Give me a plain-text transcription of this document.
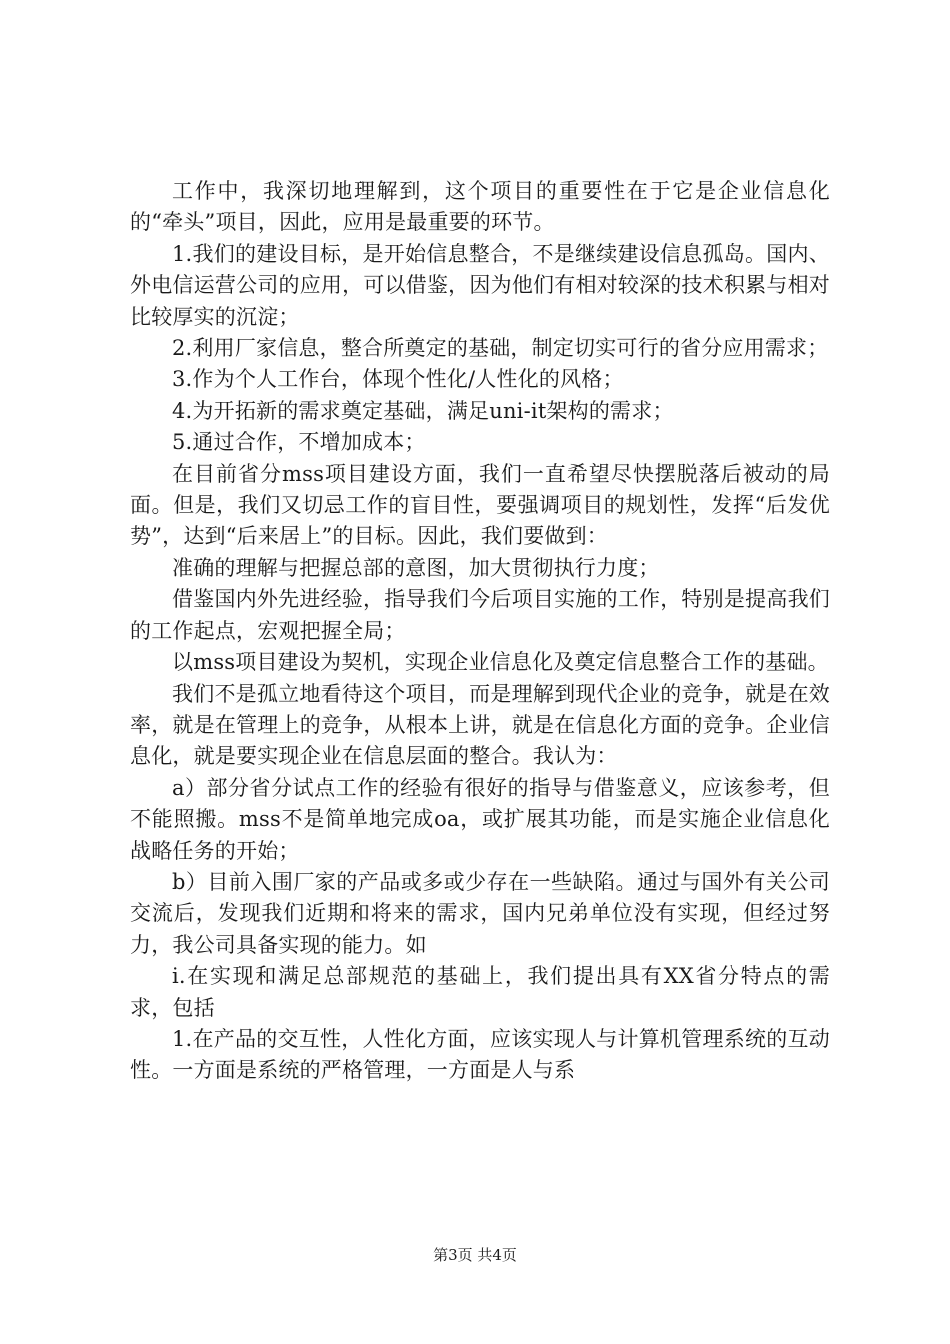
工作中，我深切地理解到，这个项目的重要性在于它是企业信息化的“牵头”项目，因此，应用是最重要的环节。

1.我们的建设目标，是开始信息整合，不是继续建设信息孤岛。国内、外电信运营公司的应用，可以借鉴，因为他们有相对较深的技术积累与相对比较厚实的沉淀；

2.利用厂家信息，整合所奠定的基础，制定切实可行的省分应用需求；

3.作为个人工作台，体现个性化/人性化的风格；

4.为开拓新的需求奠定基础，满足uni-it架构的需求；

5.通过合作，不增加成本；

在目前省分mss项目建设方面，我们一直希望尽快摆脱落后被动的局面。但是，我们又切忌工作的盲目性，要强调项目的规划性，发挥“后发优势”，达到“后来居上”的目标。因此，我们要做到：

准确的理解与把握总部的意图，加大贯彻执行力度；

借鉴国内外先进经验，指导我们今后项目实施的工作，特别是提高我们的工作起点，宏观把握全局；

以mss项目建设为契机，实现企业信息化及奠定信息整合工作的基础。

我们不是孤立地看待这个项目，而是理解到现代企业的竞争，就是在效率，就是在管理上的竞争，从根本上讲，就是在信息化方面的竞争。企业信息化，就是要实现企业在信息层面的整合。我认为：

a）部分省分试点工作的经验有很好的指导与借鉴意义，应该参考，但不能照搬。mss不是简单地完成oa，或扩展其功能，而是实施企业信息化战略任务的开始；

b）目前入围厂家的产品或多或少存在一些缺陷。通过与国外有关公司交流后，发现我们近期和将来的需求，国内兄弟单位没有实现，但经过努力，我公司具备实现的能力。如

i.在实现和满足总部规范的基础上，我们提出具有XX省分特点的需求，包括

1.在产品的交互性，人性化方面，应该实现人与计算机管理系统的互动性。一方面是系统的严格管理，一方面是人与系

第3页 共4页
